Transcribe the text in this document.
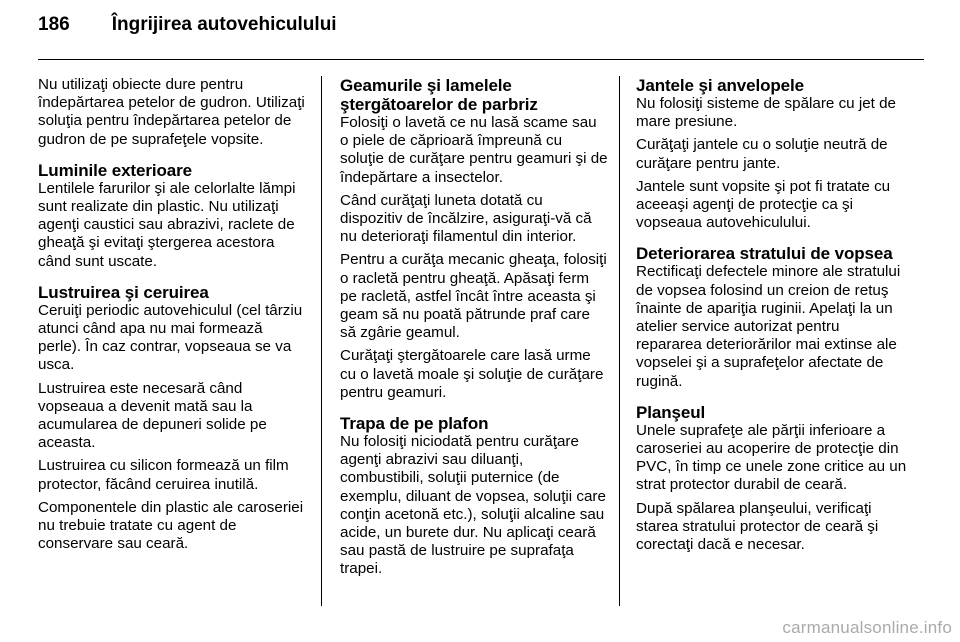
186 Îngrijirea autovehiculului

Nu utilizaţi obiecte dure pentru îndepărtarea petelor de gudron. Utilizaţi soluţia pentru îndepărtarea petelor de gudron de pe suprafeţele vopsite.

Luminile exterioare

Lentilele farurilor şi ale celorlalte lămpi sunt realizate din plastic. Nu utilizaţi agenţi caustici sau abrazivi, raclete de gheaţă şi evitaţi ştergerea acestora când sunt uscate.

Lustruirea şi ceruirea

Ceruiţi periodic autovehiculul (cel târziu atunci când apa nu mai formează perle). În caz contrar, vopseaua se va usca.

Lustruirea este necesară când vopseaua a devenit mată sau la acumularea de depuneri solide pe aceasta.

Lustruirea cu silicon formează un film protector, făcând ceruirea inutilă.

Componentele din plastic ale caroseriei nu trebuie tratate cu agent de conservare sau ceară.

Geamurile şi lamelele ştergătoarelor de parbriz

Folosiţi o lavetă ce nu lasă scame sau o piele de căprioară împreună cu soluţie de curăţare pentru geamuri şi de îndepărtare a insectelor.

Când curăţaţi luneta dotată cu dispozitiv de încălzire, asiguraţi-vă că nu deterioraţi filamentul din interior.

Pentru a curăţa mecanic gheaţa, folosiţi o racletă pentru gheaţă. Apăsaţi ferm pe racletă, astfel încât între aceasta şi geam să nu poată pătrunde praf care să zgârie geamul.

Curăţaţi ştergătoarele care lasă urme cu o lavetă moale şi soluţie de curăţare pentru geamuri.

Trapa de pe plafon

Nu folosiţi niciodată pentru curăţare agenţi abrazivi sau diluanţi, combustibili, soluţii puternice (de exemplu, diluant de vopsea, soluţii care conţin acetonă etc.), soluţii alcaline sau acide, un burete dur. Nu aplicaţi ceară sau pastă de lustruire pe suprafaţa trapei.

Jantele şi anvelopele

Nu folosiţi sisteme de spălare cu jet de mare presiune.

Curăţaţi jantele cu o soluţie neutră de curăţare pentru jante.

Jantele sunt vopsite şi pot fi tratate cu aceeaşi agenţi de protecţie ca şi vopseaua autovehiculului.

Deteriorarea stratului de vopsea

Rectificaţi defectele minore ale stratului de vopsea folosind un creion de retuş înainte de apariţia ruginii. Apelaţi la un atelier service autorizat pentru repararea deteriorărilor mai extinse ale vopselei şi a suprafeţelor afectate de rugină.

Planşeul

Unele suprafeţe ale părţii inferioare a caroseriei au acoperire de protecţie din PVC, în timp ce unele zone critice au un strat protector durabil de ceară.

După spălarea planşeului, verificaţi starea stratului protector de ceară şi corectaţi dacă e necesar.

carmanualsonline.info
